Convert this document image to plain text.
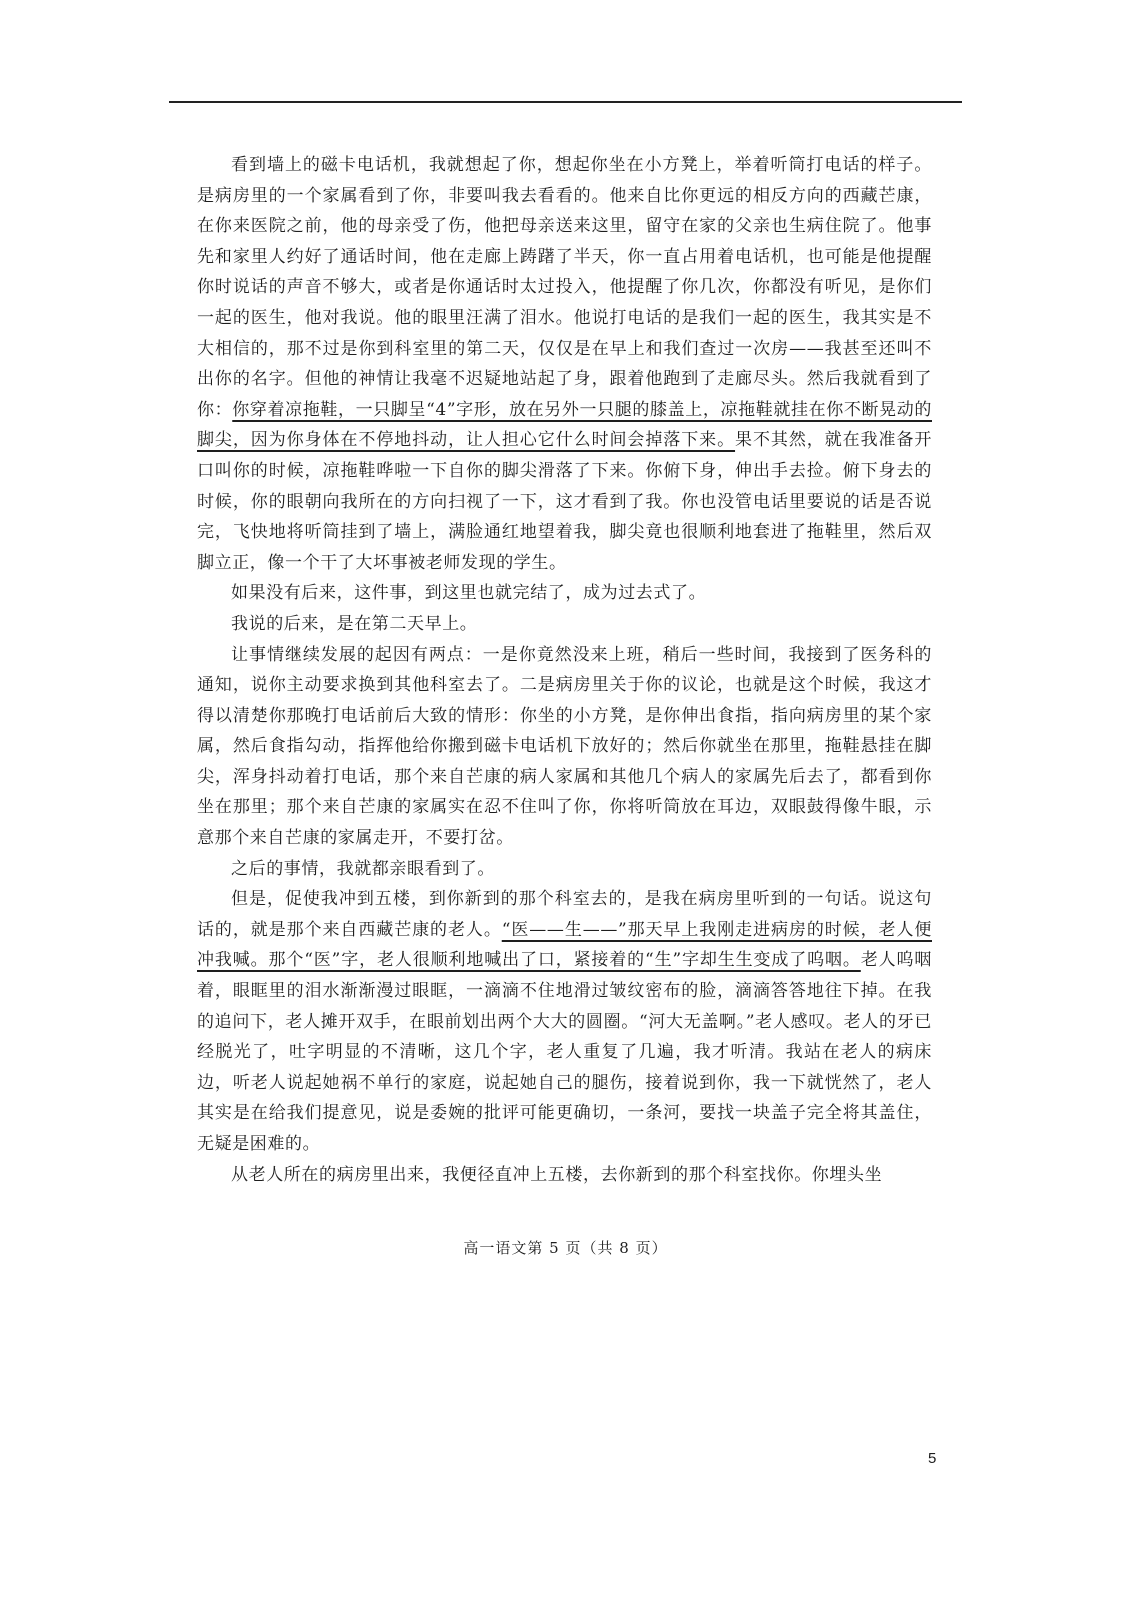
看到墙上的磁卡电话机，我就想起了你，想起你坐在小方凳上，举着听筒打电话的样子。是病房里的一个家属看到了你，非要叫我去看看的。他来自比你更远的相反方向的西藏芒康，在你来医院之前，他的母亲受了伤，他把母亲送来这里，留守在家的父亲也生病住院了。他事先和家里人约好了通话时间，他在走廊上踌躇了半天，你一直占用着电话机，也可能是他提醒你时说话的声音不够大，或者是你通话时太过投入，他提醒了你几次，你都没有听见，是你们一起的医生，他对我说。他的眼里汪满了泪水。他说打电话的是我们一起的医生，我其实是不大相信的，那不过是你到科室里的第二天，仅仅是在早上和我们查过一次房——我甚至还叫不出你的名字。但他的神情让我毫不迟疑地站起了身，跟着他跑到了走廊尽头。然后我就看到了你：你穿着凉拖鞋，一只脚呈“4”字形，放在另外一只腿的膝盖上，凉拖鞋就挂在你不断晃动的脚尖，因为你身体在不停地抖动，让人担心它什么时间会掉落下来。果不其然，就在我准备开口叫你的时候，凉拖鞋哗啦一下自你的脚尖滑落了下来。你俯下身，伸出手去捡。俯下身去的时候，你的眼朝向我所在的方向扫视了一下，这才看到了我。你也没管电话里要说的话是否说完，飞快地将听筒挂到了墙上，满脸通红地望着我，脚尖竟也很顺利地套进了拖鞋里，然后双脚立正，像一个干了大坏事被老师发现的学生。

如果没有后来，这件事，到这里也就完结了，成为过去式了。

我说的后来，是在第二天早上。

让事情继续发展的起因有两点：一是你竟然没来上班，稍后一些时间，我接到了医务科的通知，说你主动要求换到其他科室去了。二是病房里关于你的议论，也就是这个时候，我这才得以清楚你那晚打电话前后大致的情形：你坐的小方凳，是你伸出食指，指向病房里的某个家属，然后食指勾动，指挥他给你搬到磁卡电话机下放好的；然后你就坐在那里，拖鞋悬挂在脚尖，浑身抖动着打电话，那个来自芒康的病人家属和其他几个病人的家属先后去了，都看到你坐在那里；那个来自芒康的家属实在忍不住叫了你，你将听筒放在耳边，双眼鼓得像牛眼，示意那个来自芒康的家属走开，不要打岔。

之后的事情，我就都亲眼看到了。

但是，促使我冲到五楼，到你新到的那个科室去的，是我在病房里听到的一句话。说这句话的，就是那个来自西藏芒康的老人。“医——生——”那天早上我刚走进病房的时候，老人便冲我喊。那个“医”字，老人很顺利地喊出了口，紧接着的“生”字却生生变成了呜咽。老人呜咽着，眼眶里的泪水渐渐漫过眼眶，一滴滴不住地滑过皱纹密布的脸，滴滴答答地往下掉。在我的追问下，老人摊开双手，在眼前划出两个大大的圆圈。“河大无盖啊。”老人感叹。老人的牙已经脱光了，吐字明显的不清晰，这几个字，老人重复了几遍，我才听清。我站在老人的病床边，听老人说起她祸不单行的家庭，说起她自己的腿伤，接着说到你，我一下就恍然了，老人其实是在给我们提意见，说是委婉的批评可能更确切，一条河，要找一块盖子完全将其盖住，无疑是困难的。

从老人所在的病房里出来，我便径直冲上五楼，去你新到的那个科室找你。你埋头坐

高一语文第 5 页（共 8 页）
5
